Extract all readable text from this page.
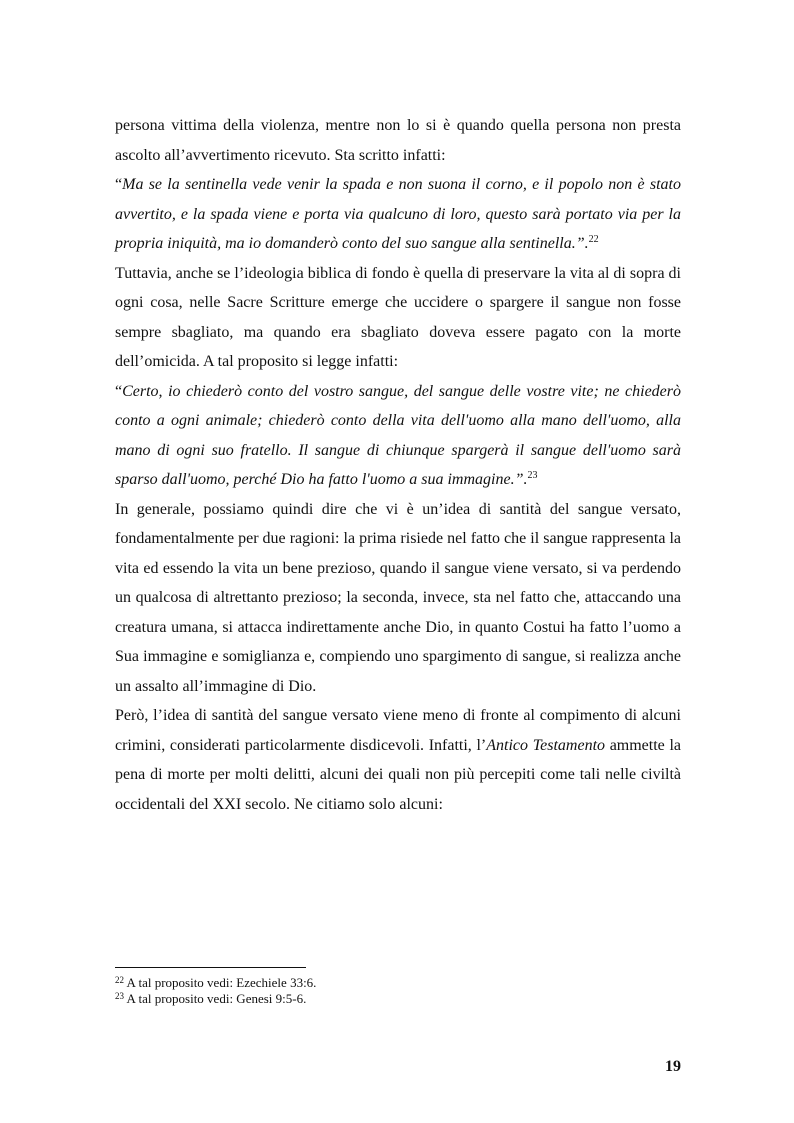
persona vittima della violenza, mentre non lo si è quando quella persona non presta ascolto all’avvertimento ricevuto. Sta scritto infatti:

“Ma se la sentinella vede venir la spada e non suona il corno, e il popolo non è stato avvertito, e la spada viene e porta via qualcuno di loro, questo sarà portato via per la propria iniquità, ma io domanderò conto del suo sangue alla sentinella.”.$^{22}$

Tuttavia, anche se l’ideologia biblica di fondo è quella di preservare la vita al di sopra di ogni cosa, nelle Sacre Scritture emerge che uccidere o spargere il sangue non fosse sempre sbagliato, ma quando era sbagliato doveva essere pagato con la morte dell’omicida. A tal proposito si legge infatti:

“Certo, io chiederò conto del vostro sangue, del sangue delle vostre vite; ne chiederò conto a ogni animale; chiederò conto della vita dell'uomo alla mano dell'uomo, alla mano di ogni suo fratello. Il sangue di chiunque spargerà il sangue dell'uomo sarà sparso dall'uomo, perché Dio ha fatto l'uomo a sua immagine.”.$^{23}$

In generale, possiamo quindi dire che vi è un’idea di santità del sangue versato, fondamentalmente per due ragioni: la prima risiede nel fatto che il sangue rappresenta la vita ed essendo la vita un bene prezioso, quando il sangue viene versato, si va perdendo un qualcosa di altrettanto prezioso; la seconda, invece, sta nel fatto che, attaccando una creatura umana, si attacca indirettamente anche Dio, in quanto Costui ha fatto l’uomo a Sua immagine e somiglianza e, compiendo uno spargimento di sangue, si realizza anche un assalto all’immagine di Dio.

Però, l’idea di santità del sangue versato viene meno di fronte al compimento di alcuni crimini, considerati particolarmente disdicevoli. Infatti, l’Antico Testamento ammette la pena di morte per molti delitti, alcuni dei quali non più percepiti come tali nelle civiltà occidentali del XXI secolo. Ne citiamo solo alcuni:

$^{22}$ A tal proposito vedi: Ezechiele 33:6.
$^{23}$ A tal proposito vedi: Genesi 9:5-6.
19
